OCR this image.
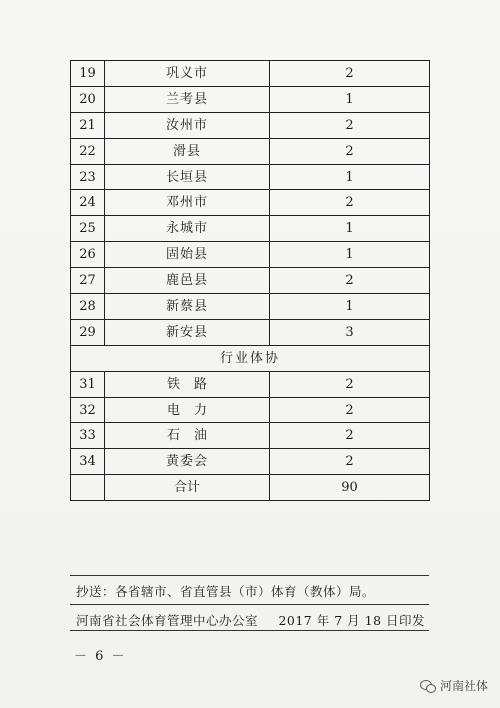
19	巩义市	2
20	兰考县	1
21	汝州市	2
22	滑县	2
23	长垣县	1
24	邓州市	2
25	永城市	1
26	固始县	1
27	鹿邑县	2
28	新蔡县	1
29	新安县	3
行业体协		
31	铁路	2
32	电力	2
33	石油	2
34	黄委会	2
	合计	90
抄送：各省辖市、省直管县（市）体育（教体）局。
河南省社会体育管理中心办公室 2017 年 7 月 18 日印发
－ 6 －
河南社体
